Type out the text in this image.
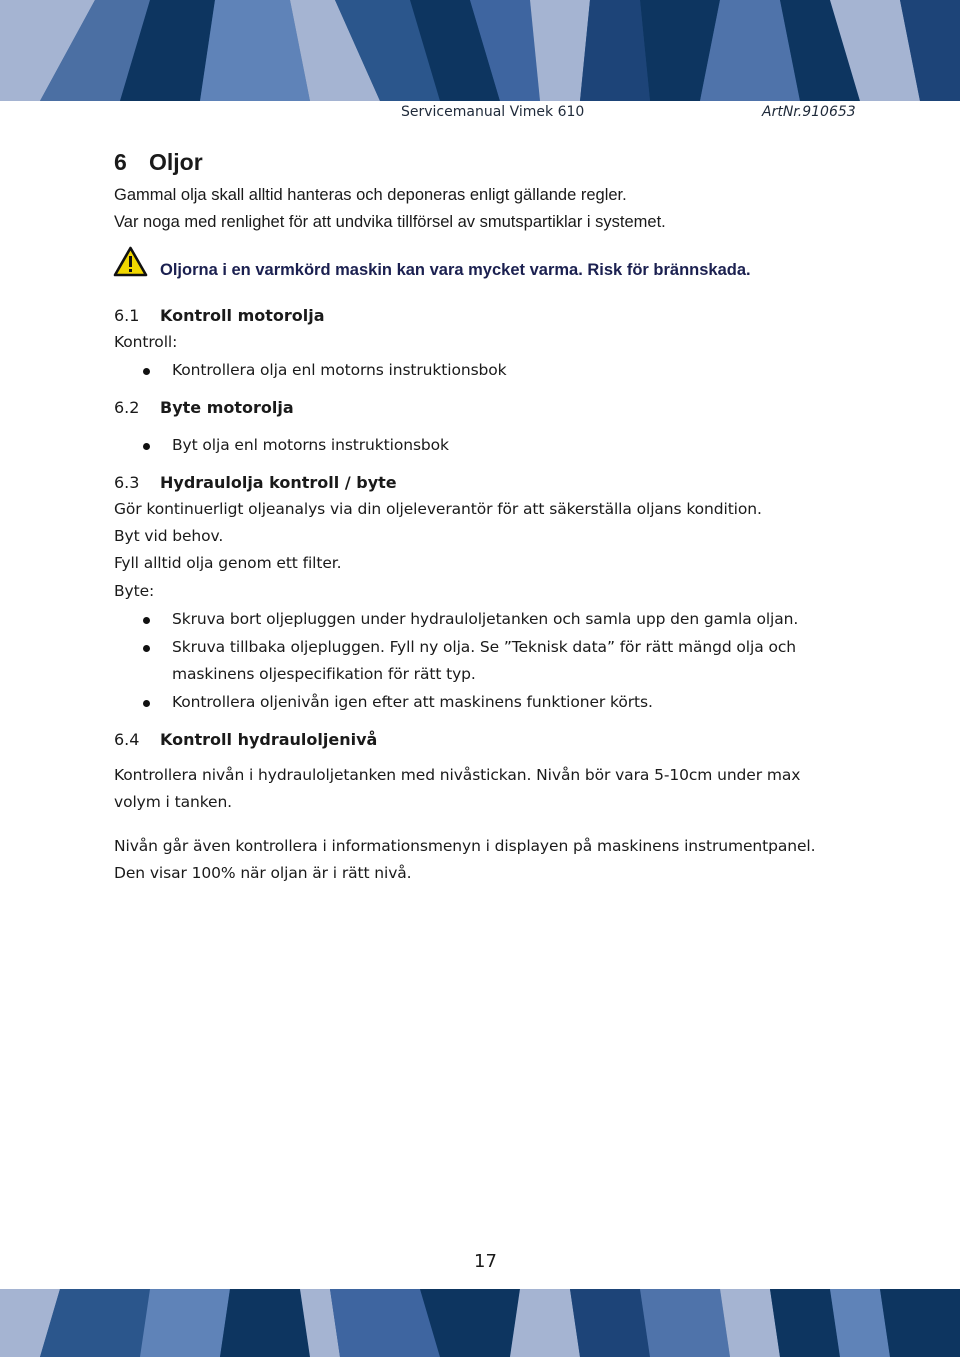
Servicemanual Vimek 610	ArtNr.910653
6 Oljor
Gammal olja skall alltid hanteras och deponeras enligt gällande regler.
Var noga med renlighet för att undvika tillförsel av smutspartiklar i systemet.
Oljorna i en varmkörd maskin kan vara mycket varma. Risk för brännskada.
6.1 Kontroll motorolja
Kontroll:
Kontrollera olja enl motorns instruktionsbok
6.2 Byte motorolja
Byt olja enl motorns instruktionsbok
6.3 Hydraulolja kontroll / byte
Gör kontinuerligt oljeanalys via din oljeleverantör för att säkerställa oljans kondition.
Byt vid behov.
Fyll alltid olja genom ett filter.
Byte:
Skruva bort oljepluggen under hydrauloljetanken och samla upp den gamla oljan.
Skruva tillbaka oljepluggen. Fyll ny olja. Se ”Teknisk data” för rätt mängd olja och
maskinens oljespecifikation för rätt typ.
Kontrollera oljenivån igen efter att maskinens funktioner körts.
6.4 Kontroll hydrauloljenivå
Kontrollera nivån i hydrauloljetanken med nivåstickan. Nivån bör vara 5-10cm under max
volym i tanken.
Nivån går även kontrollera i informationsmenyn i displayen på maskinens instrumentpanel.
Den visar 100% när oljan är i rätt nivå.
17
